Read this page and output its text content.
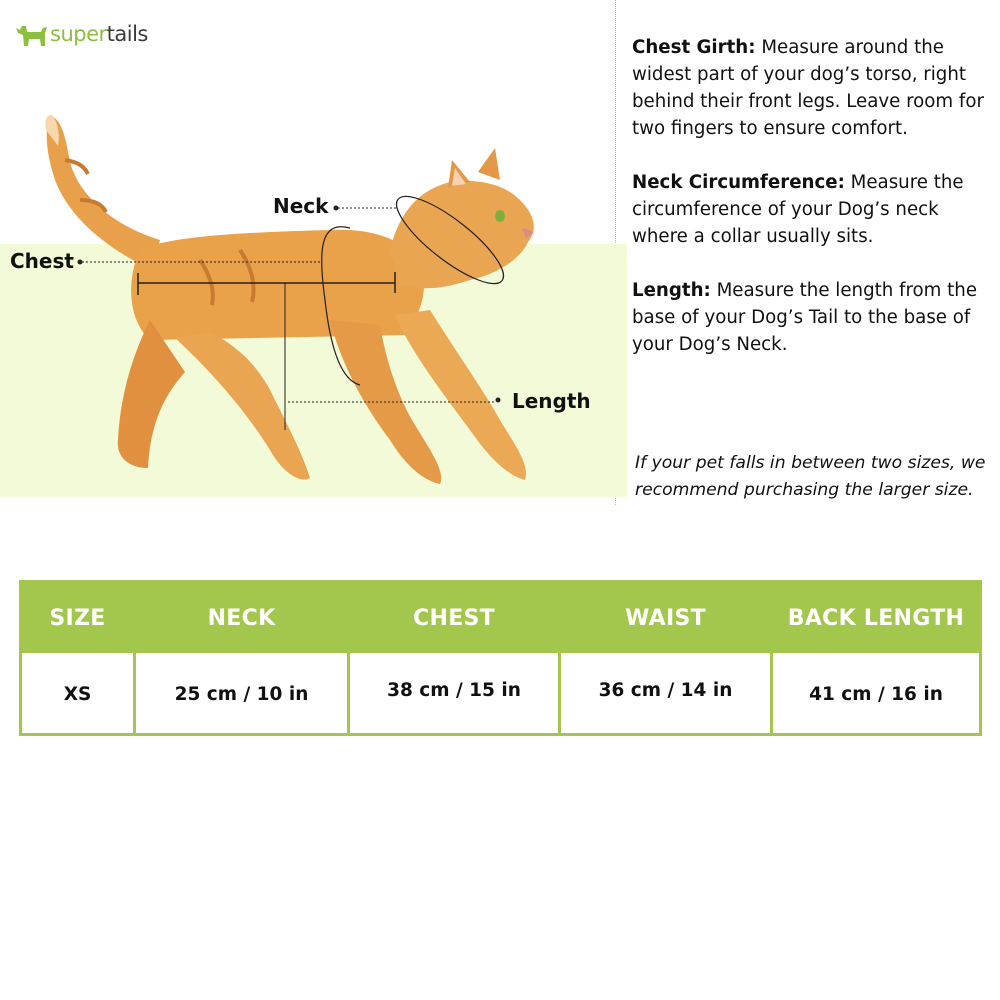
supertails
Neck
Chest
Length

Chest Girth: Measure around the widest part of your dog’s torso, right behind their front legs. Leave room for two fingers to ensure comfort.

Neck Circumference: Measure the circumference of your Dog’s neck where a collar usually sits.

Length: Measure the length from the base of your Dog’s Tail to the base of your Dog’s Neck.

If your pet falls in between two sizes, we recommend purchasing the larger size.
SIZE	NECK	CHEST	WAIST	BACK LENGTH
XS	25 cm / 10 in	38 cm / 15 in	36 cm / 14 in	41 cm / 16 in
